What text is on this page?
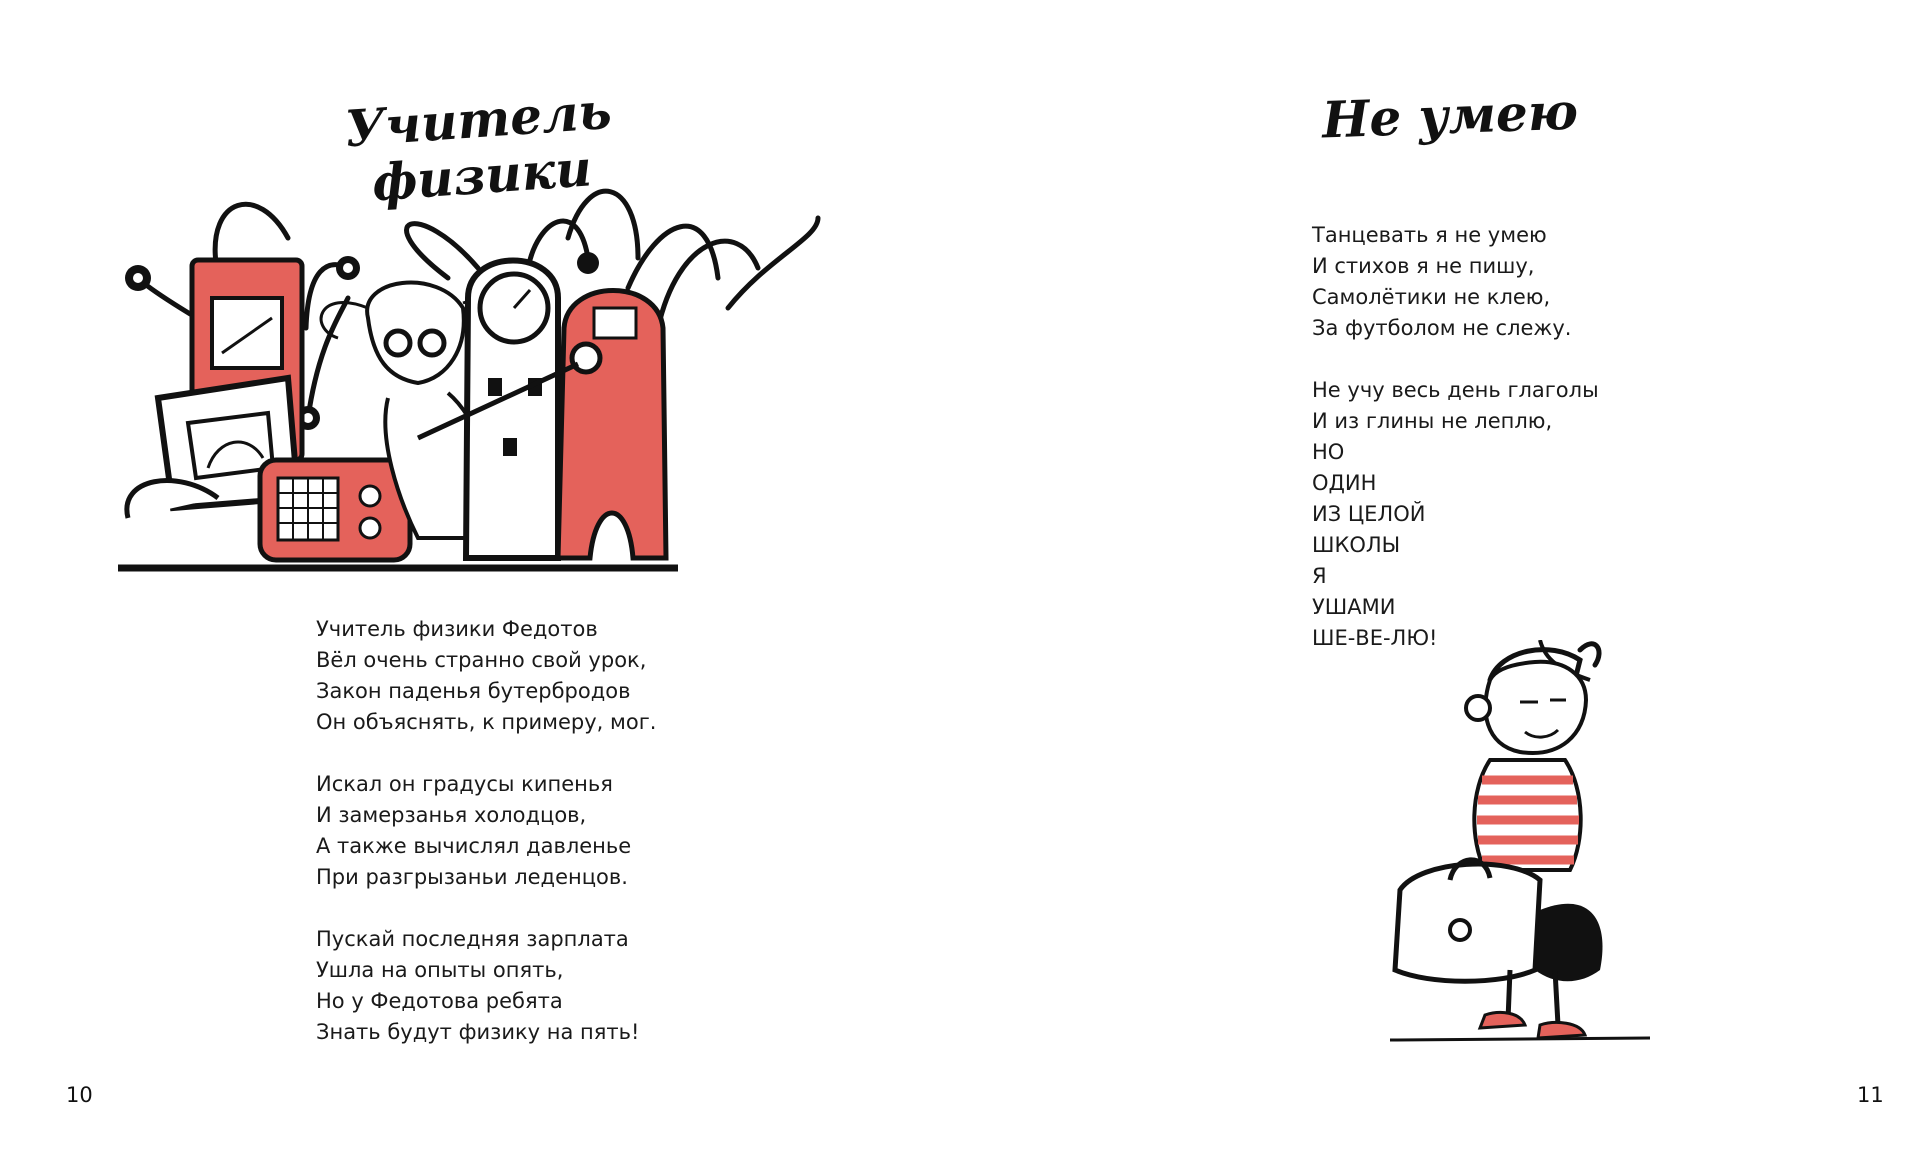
Учитель физики
Учитель физики Федотов
Вёл очень странно свой урок,
Закон паденья бутербродов
Он объяснять, к примеру, мог.
Искал он градусы кипенья
И замерзанья холодцов,
А также вычислял давленье
При разгрызаньи леденцов.
Пускай последняя зарплата
Ушла на опыты опять,
Но у Федотова ребята
Знать будут физику на пять!
10
Не умею
Танцевать я не умею
И стихов я не пишу,
Самолётики не клею,
За футболом не слежу.
Не учу весь день глаголы
И из глины не леплю,
НО
ОДИН
ИЗ ЦЕЛОЙ
ШКОЛЫ
Я
УШАМИ
ШЕ-ВЕ-ЛЮ!
11
